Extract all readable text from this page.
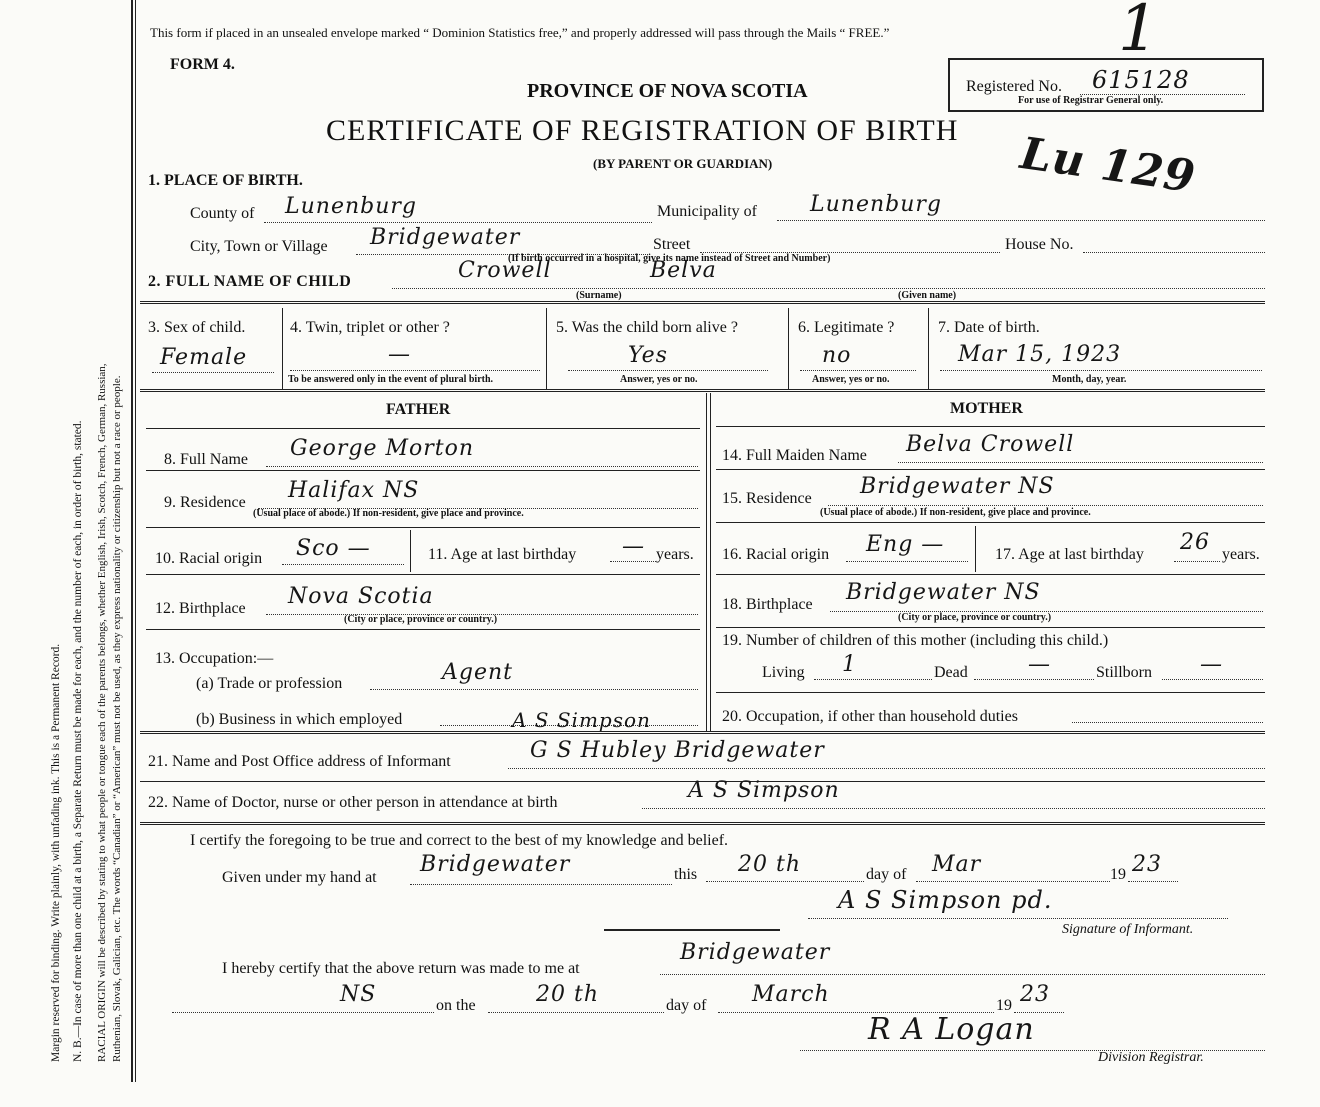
Margin reserved for binding. Write plainly, with unfading ink. This is a Permanent Record. N. B.—In case of more than one child at a birth, a Separate Return must be made for each, and the number of each, in order of birth, stated. RACIAL ORIGIN will be described by stating to what people or tongue each of the parents belongs, whether English, Irish, Scotch, French, German, Russian, Ruthenian, Slovak, Galician, etc. The words “Canadian” or “American” must not be used, as they express nationality or citizenship but not a race or people.
This form if placed in an unsealed envelope marked “ Dominion Statistics free,” and properly addressed will pass through the Mails “ FREE.”
FORM 4.
PROVINCE OF NOVA SCOTIA
CERTIFICATE OF REGISTRATION OF BIRTH
(BY PARENT OR GUARDIAN)
Registered No. 615128
For use of Registrar General only.
1
Lu 129
1. PLACE OF BIRTH.
County of Lunenburg	Municipality of Lunenburg
City, Town or Village Bridgewater	Street	House No.
(If birth occurred in a hospital, give its name instead of Street and Number)
2. FULL NAME OF CHILD	Crowell	Belva
(Surname)	(Given name)
3. Sex of child.
Female
4. Twin, triplet or other ?
—
To be answered only in the event of plural birth.
5. Was the child born alive ?
Yes
Answer, yes or no.
6. Legitimate ?
no
Answer, yes or no.
7. Date of birth.
Mar 15, 1923
Month, day, year.
FATHER	MOTHER
8. Full Name George Morton
9. Residence Halifax NS
(Usual place of abode.) If non-resident, give place and province.
10. Racial origin Sco —	11. Age at last birthday — years.
12. Birthplace Nova Scotia
(City or place, province or country.)
13. Occupation:—
(a) Trade or profession	Agent
(b) Business in which employed	A S Simpson
14. Full Maiden Name Belva Crowell
15. Residence Bridgewater NS
(Usual place of abode.) If non-resident, give place and province.
16. Racial origin Eng —	17. Age at last birthday 26 years.
18. Birthplace Bridgewater NS
(City or place, province or country.)
19. Number of children of this mother (including this child.)
Living 1	Dead	—	Stillborn —
20. Occupation, if other than household duties
21. Name and Post Office address of Informant	G S Hubley Bridgewater
22. Name of Doctor, nurse or other person in attendance at birth	A S Simpson
I certify the foregoing to be true and correct to the best of my knowledge and belief.
Given under my hand at
Bridgewater	this 20 th	day of Mar	19 23
A S Simpson pd.
Signature of Informant.
I hereby certify that the above return was made to me at
Bridgewater
NS	on the	20 th	day of March	19 23
R A Logan
Division Registrar.
